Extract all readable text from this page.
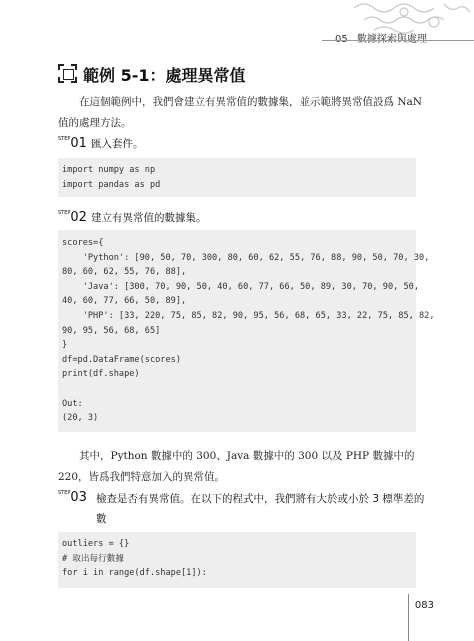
範例 5-1：處理異常值
在這個範例中，我們會建立有異常值的數據集，並示範將異常值設爲 NaN 值的處理方法。
$^{STEP}$01 匯入套件。
import numpy as np
import pandas as pd
$^{STEP}$02 建立有異常值的數據集。
scores={
'Python': [90, 50, 70, 300, 80, 60, 62, 55, 76, 88, 90, 50, 70, 30,
80, 60, 62, 55, 76, 88],
'Java': [300, 70, 90, 50, 40, 60, 77, 66, 50, 89, 30, 70, 90, 50,
40, 60, 77, 66, 50, 89],
'PHP': [33, 220, 75, 85, 82, 90, 95, 56, 68, 65, 33, 22, 75, 85, 82,
90, 95, 56, 68, 65]
}
df=pd.DataFrame(scores)
print(df.shape)
Out:
(20, 3)
其中，Python 數據中的 300、Java 數據中的 300 以及 PHP 數據中的 220，皆爲我們特意加入的異常值。
$^{STEP}$03 檢查是否有異常值。在以下的程式中，我們將有大於或小於 3 標準差的數
outliers = {}
# 取出每行數據
for i in range(df.shape[1]):
083
